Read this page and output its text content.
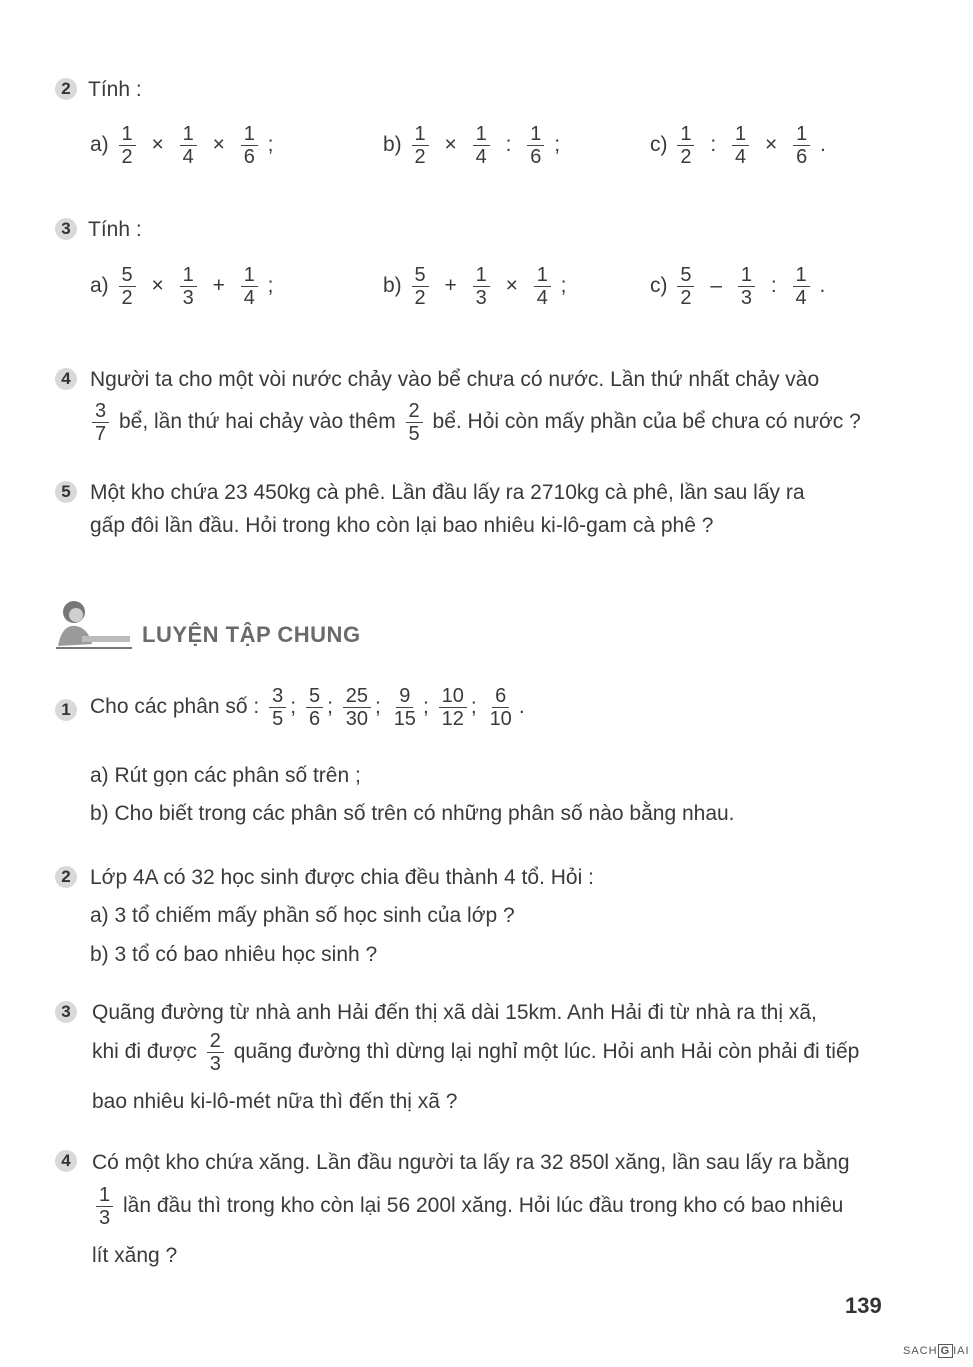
2 Tính :
$a) \frac{1}{2} \times \frac{1}{4} \times \frac{1}{6}$ ;	$b) \frac{1}{2} \times \frac{1}{4}$ : $\frac{1}{6}$ ;	$c) \frac{1}{2}$ : $\frac{1}{4} \times \frac{1}{6}$ .
3 Tính :
$a) \frac{5}{2} \times \frac{1}{3} + \frac{1}{4}$ ;	$b) \frac{5}{2} + \frac{1}{3} \times \frac{1}{4}$ ;	$c) \frac{5}{2} - \frac{1}{3}$ : $\frac{1}{4}$ .
4 Người ta cho một vòi nước chảy vào bể chưa có nước. Lần thứ nhất chảy vào
$\frac{3}{7}$ bể, lần thứ hai chảy vào thêm $\frac{2}{5}$ bể. Hỏi còn mấy phần của bể chưa có nước ?
5 Một kho chứa 23 450kg cà phê. Lần đầu lấy ra 2710kg cà phê, lần sau lấy ra
gấp đôi lần đầu. Hỏi trong kho còn lại bao nhiêu ki-lô-gam cà phê ?
LUYỆN TẬP CHUNG
1 Cho các phân số : $\frac{3}{5}$ ; $\frac{5}{6}$ ; $\frac{25}{30}$ ; $\frac{9}{15}$ ; $\frac{10}{12}$ ; $\frac{6}{10}$ .
a) Rút gọn các phân số trên ;
b) Cho biết trong các phân số trên có những phân số nào bằng nhau.
2 Lớp 4A có 32 học sinh được chia đều thành 4 tổ. Hỏi :
a) 3 tổ chiếm mấy phần số học sinh của lớp ?
b) 3 tổ có bao nhiêu học sinh ?
3 Quãng đường từ nhà anh Hải đến thị xã dài 15km. Anh Hải đi từ nhà ra thị xã,
khi đi được $\frac{2}{3}$ quãng đường thì dừng lại nghỉ một lúc. Hỏi anh Hải còn phải đi tiếp
bao nhiêu ki-lô-mét nữa thì đến thị xã ?
4 Có một kho chứa xăng. Lần đầu người ta lấy ra 32 850l xăng, lần sau lấy ra bằng
$\frac{1}{3}$ lần đầu thì trong kho còn lại 56 200l xăng. Hỏi lúc đầu trong kho có bao nhiêu
lít xăng ?
139
SACH G IAI
